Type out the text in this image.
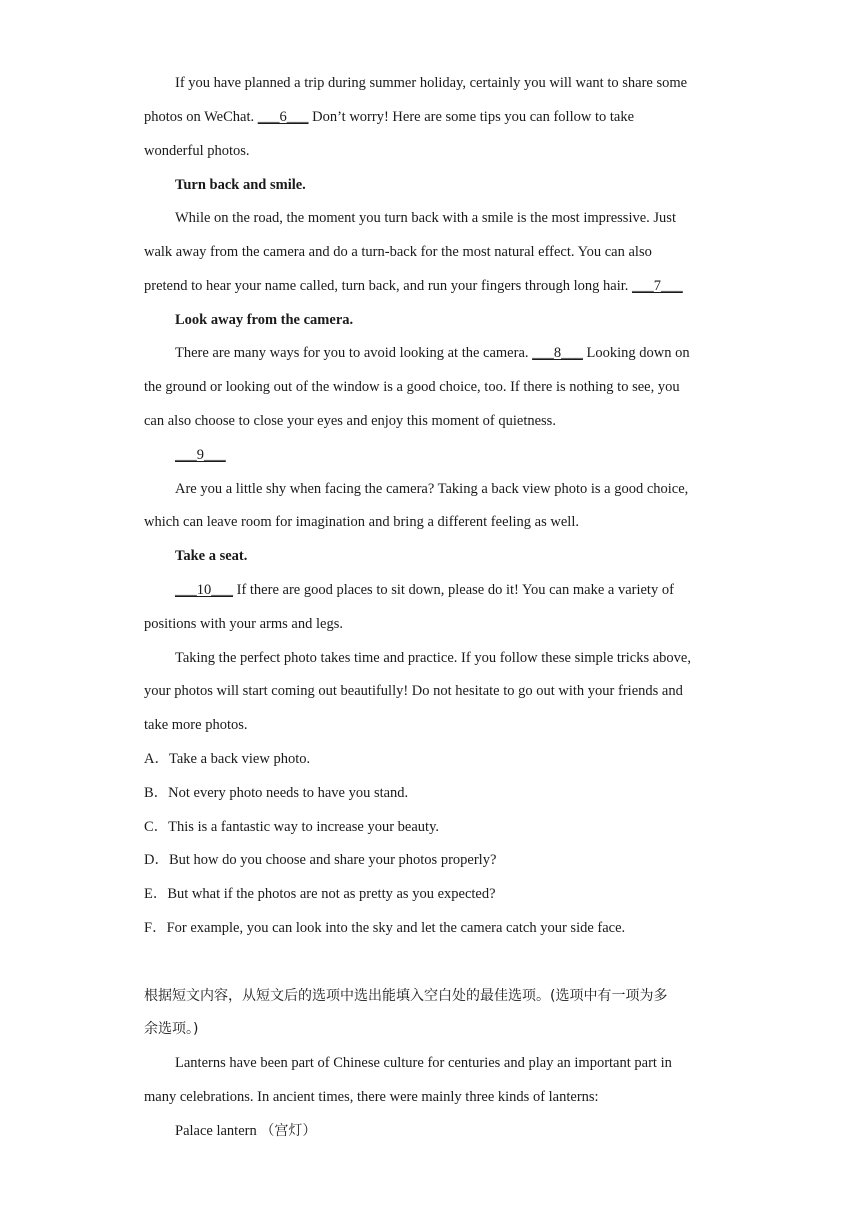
If you have planned a trip during summer holiday, certainly you will want to share some
photos on WeChat. ___6___ Don’t worry! Here are some tips you can follow to take
wonderful photos.
Turn back and smile.
While on the road, the moment you turn back with a smile is the most impressive. Just
walk away from the camera and do a turn-back for the most natural effect. You can also
pretend to hear your name called, turn back, and run your fingers through long hair. ___7___
Look away from the camera.
There are many ways for you to avoid looking at the camera. ___8___ Looking down on
the ground or looking out of the window is a good choice, too. If there is nothing to see, you
can also choose to close your eyes and enjoy this moment of quietness.
___9___
Are you a little shy when facing the camera? Taking a back view photo is a good choice,
which can leave room for imagination and bring a different feeling as well.
Take a seat.
___10___ If there are good places to sit down, please do it! You can make a variety of
positions with your arms and legs.
Taking the perfect photo takes time and practice. If you follow these simple tricks above,
your photos will start coming out beautifully! Do not hesitate to go out with your friends and
take more photos.
A．Take a back view photo.
B．Not every photo needs to have you stand.
C．This is a fantastic way to increase your beauty.
D．But how do you choose and share your photos properly?
E．But what if the photos are not as pretty as you expected?
F．For example, you can look into the sky and let the camera catch your side face.
根据短文内容，从短文后的选项中选出能填入空白处的最佳选项。(选项中有一项为多
余选项。)
Lanterns have been part of Chinese culture for centuries and play an important part in
many celebrations. In ancient times, there were mainly three kinds of lanterns:
Palace lantern （宫灯）
